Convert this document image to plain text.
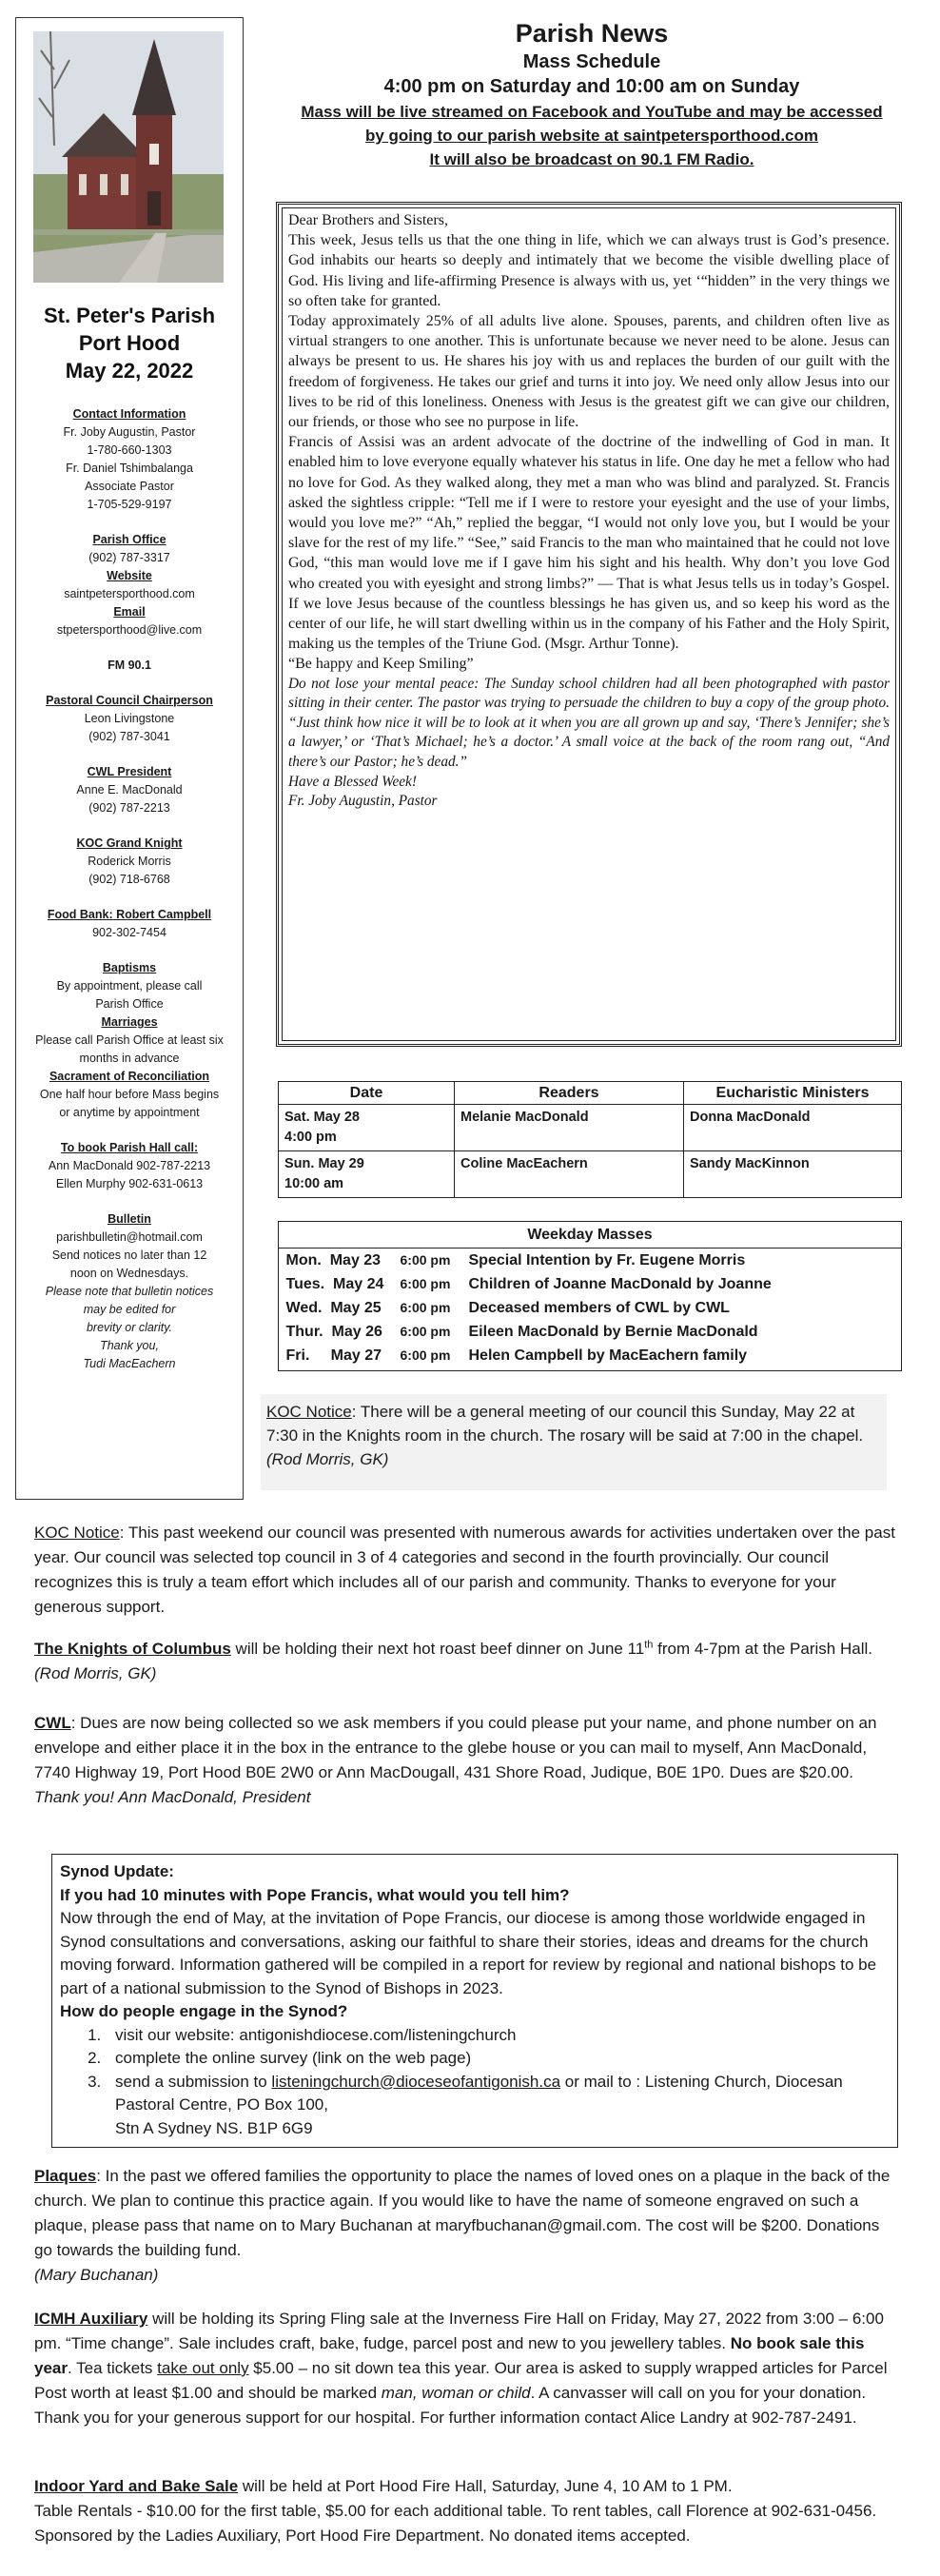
St. Peter's Parish
Port Hood
May 22, 2022
Contact Information
Fr. Joby Augustin, Pastor
1-780-660-1303
Fr. Daniel Tshimbalanga
Associate Pastor
1-705-529-9197
Parish Office
(902) 787-3317
Website
saintpetersporthood.com
Email
stpetersporthood@live.com
FM 90.1
Pastoral Council Chairperson
Leon Livingstone
(902) 787-3041
CWL President
Anne E. MacDonald
(902) 787-2213
KOC Grand Knight
Roderick Morris
(902) 718-6768
Food Bank: Robert Campbell
902-302-7454
Baptisms
By appointment, please call
Parish Office
Marriages
Please call Parish Office at least six
months in advance
Sacrament of Reconciliation
One half hour before Mass begins
or anytime by appointment
To book Parish Hall call:
Ann MacDonald 902-787-2213
Ellen Murphy 902-631-0613
Bulletin
parishbulletin@hotmail.com
Send notices no later than 12
noon on Wednesdays.
Please note that bulletin notices
may be edited for
brevity or clarity.
Thank you,
Tudi MacEachern
Parish News
Mass Schedule
4:00 pm on Saturday and 10:00 am on Sunday
Mass will be live streamed on Facebook and YouTube and may be accessed
by going to our parish website at saintpetersporthood.com
It will also be broadcast on 90.1 FM Radio.

Dear Brothers and Sisters,

This week, Jesus tells us that the one thing in life, which we can always trust is God’s presence. God inhabits our hearts so deeply and intimately that we become the visible dwelling place of God. His living and life-affirming Presence is always with us, yet ‘“hidden” in the very things we so often take for granted.

Today approximately 25% of all adults live alone. Spouses, parents, and children often live as virtual strangers to one another. This is unfortunate because we never need to be alone. Jesus can always be present to us. He shares his joy with us and replaces the burden of our guilt with the freedom of forgiveness. He takes our grief and turns it into joy. We need only allow Jesus into our lives to be rid of this loneliness. Oneness with Jesus is the greatest gift we can give our children, our friends, or those who see no purpose in life.

Francis of Assisi was an ardent advocate of the doctrine of the indwelling of God in man. It enabled him to love everyone equally whatever his status in life. One day he met a fellow who had no love for God. As they walked along, they met a man who was blind and paralyzed. St. Francis asked the sightless cripple: “Tell me if I were to restore your eyesight and the use of your limbs, would you love me?” “Ah,” replied the beggar, “I would not only love you, but I would be your slave for the rest of my life.” “See,” said Francis to the man who maintained that he could not love God, “this man would love me if I gave him his sight and his health. Why don’t you love God who created you with eyesight and strong limbs?” — That is what Jesus tells us in today’s Gospel. If we love Jesus because of the countless blessings he has given us, and so keep his word as the center of our life, he will start dwelling within us in the company of his Father and the Holy Spirit, making us the temples of the Triune God. (Msgr. Arthur Tonne).

“Be happy and Keep Smiling”

Do not lose your mental peace: The Sunday school children had all been photographed with pastor sitting in their center. The pastor was trying to persuade the children to buy a copy of the group photo. “Just think how nice it will be to look at it when you are all grown up and say, ‘There’s Jennifer; she’s a lawyer,’ or ‘That’s Michael; he’s a doctor.’ A small voice at the back of the room rang out, “And there’s our Pastor; he’s dead.”

Have a Blessed Week!

Fr. Joby Augustin, Pastor

Date	Readers	Eucharistic Ministers
Sat. May 28
4:00 pm	Melanie MacDonald	Donna MacDonald
Sun. May 29
10:00 am	Coline MacEachern	Sandy MacKinnon
Weekday Masses		
Mon.  May 23	6:00 pm	Special Intention by Fr. Eugene Morris
Tues.  May 24	6:00 pm	Children of Joanne MacDonald by Joanne
Wed.  May 25	6:00 pm	Deceased members of CWL by CWL
Thur.  May 26	6:00 pm	Eileen MacDonald by Bernie MacDonald
Fri.     May 27	6:00 pm	Helen Campbell by MacEachern family
KOC Notice: There will be a general meeting of our council this Sunday, May 22 at 7:30 in the Knights room in the church. The rosary will be said at 7:00 in the chapel. (Rod Morris, GK)
KOC Notice: This past weekend our council was presented with numerous awards for activities undertaken over the past year. Our council was selected top council in 3 of 4 categories and second in the fourth provincially. Our council recognizes this is truly a team effort which includes all of our parish and community. Thanks to everyone for your generous support.
The Knights of Columbus will be holding their next hot roast beef dinner on June 11th from 4-7pm at the Parish Hall. (Rod Morris, GK)
CWL: Dues are now being collected so we ask members if you could please put your name, and phone number on an envelope and either place it in the box in the entrance to the glebe house or you can mail to myself, Ann MacDonald, 7740 Highway 19, Port Hood B0E 2W0 or Ann MacDougall, 431 Shore Road, Judique, B0E 1P0. Dues are $20.00. Thank you! Ann MacDonald, President
Synod Update:
If you had 10 minutes with Pope Francis, what would you tell him?
Now through the end of May, at the invitation of Pope Francis, our diocese is among those worldwide engaged in Synod consultations and conversations, asking our faithful to share their stories, ideas and dreams for the church moving forward. Information gathered will be compiled in a report for review by regional and national bishops to be part of a national submission to the Synod of Bishops in 2023.
How do people engage in the Synod?
1. visit our website: antigonishdiocese.com/listeningchurch
2. complete the online survey (link on the web page)
3. send a submission to listeningchurch@dioceseofantigonish.ca or mail to : Listening Church, Diocesan Pastoral Centre, PO Box 100,
Stn A Sydney NS. B1P 6G9
Plaques: In the past we offered families the opportunity to place the names of loved ones on a plaque in the back of the church. We plan to continue this practice again. If you would like to have the name of someone engraved on such a plaque, please pass that name on to Mary Buchanan at maryfbuchanan@gmail.com. The cost will be $200. Donations go towards the building fund.
(Mary Buchanan)
ICMH Auxiliary will be holding its Spring Fling sale at the Inverness Fire Hall on Friday, May 27, 2022 from 3:00 – 6:00 pm. “Time change”. Sale includes craft, bake, fudge, parcel post and new to you jewellery tables. No book sale this year. Tea tickets take out only $5.00 – no sit down tea this year. Our area is asked to supply wrapped articles for Parcel Post worth at least $1.00 and should be marked man, woman or child. A canvasser will call on you for your donation. Thank you for your generous support for our hospital. For further information contact Alice Landry at 902-787-2491.
Indoor Yard and Bake Sale will be held at Port Hood Fire Hall, Saturday, June 4, 10 AM to 1 PM.
Table Rentals - $10.00 for the first table, $5.00 for each additional table. To rent tables, call Florence at 902-631-0456. Sponsored by the Ladies Auxiliary, Port Hood Fire Department. No donated items accepted.
